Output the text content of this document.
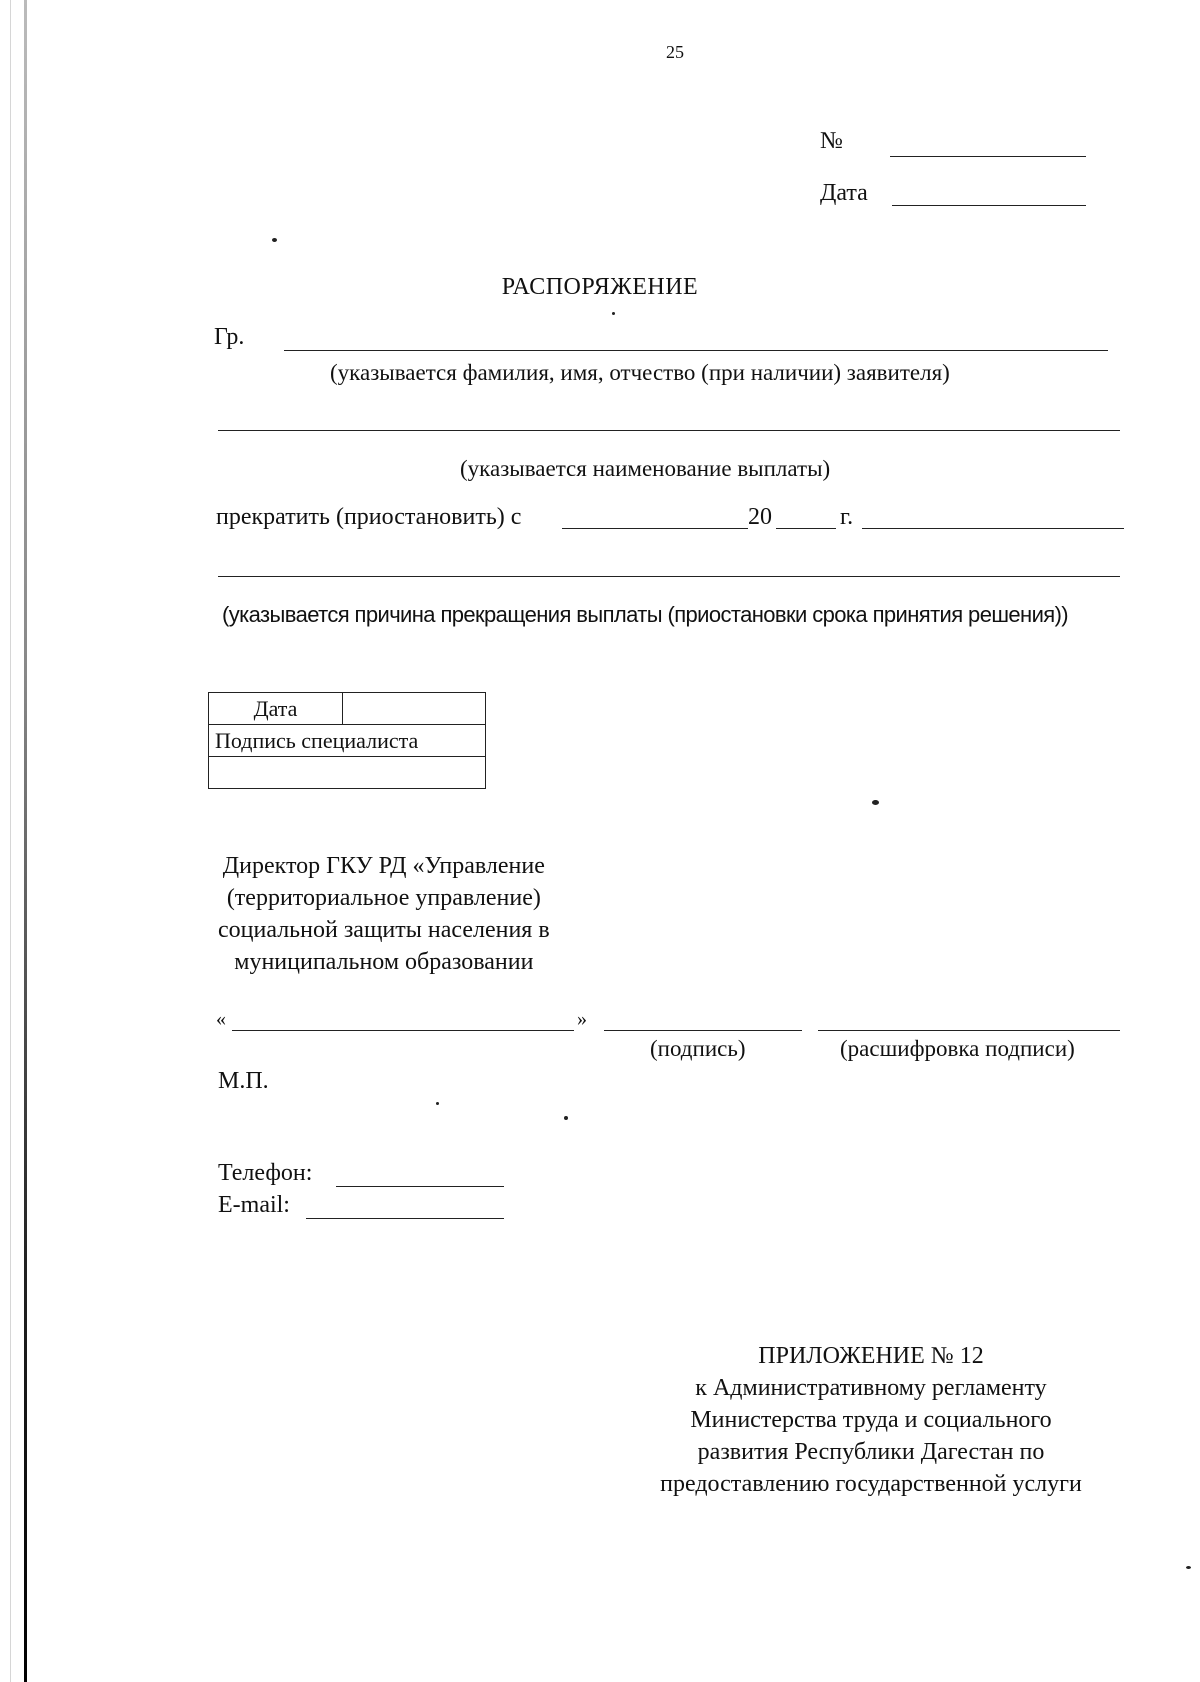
25
№
Дата
РАСПОРЯЖЕНИЕ
Гр.
(указывается фамилия, имя, отчество (при наличии) заявителя)
(указывается наименование выплаты)
прекратить (приостановить) с	20	г.
(указывается причина прекращения выплаты (приостановки срока принятия решения))
Дата	
Подпись специалиста

Директор ГКУ РД «Управление
(территориальное управление)
социальной защиты населения в
муниципальном образовании
«	»
(подпись)	(расшифровка подписи)
М.П.
Телефон:
E-mail:
ПРИЛОЖЕНИЕ № 12
к Административному регламенту
Министерства труда и социального
развития Республики Дагестан по
предоставлению государственной услуги
